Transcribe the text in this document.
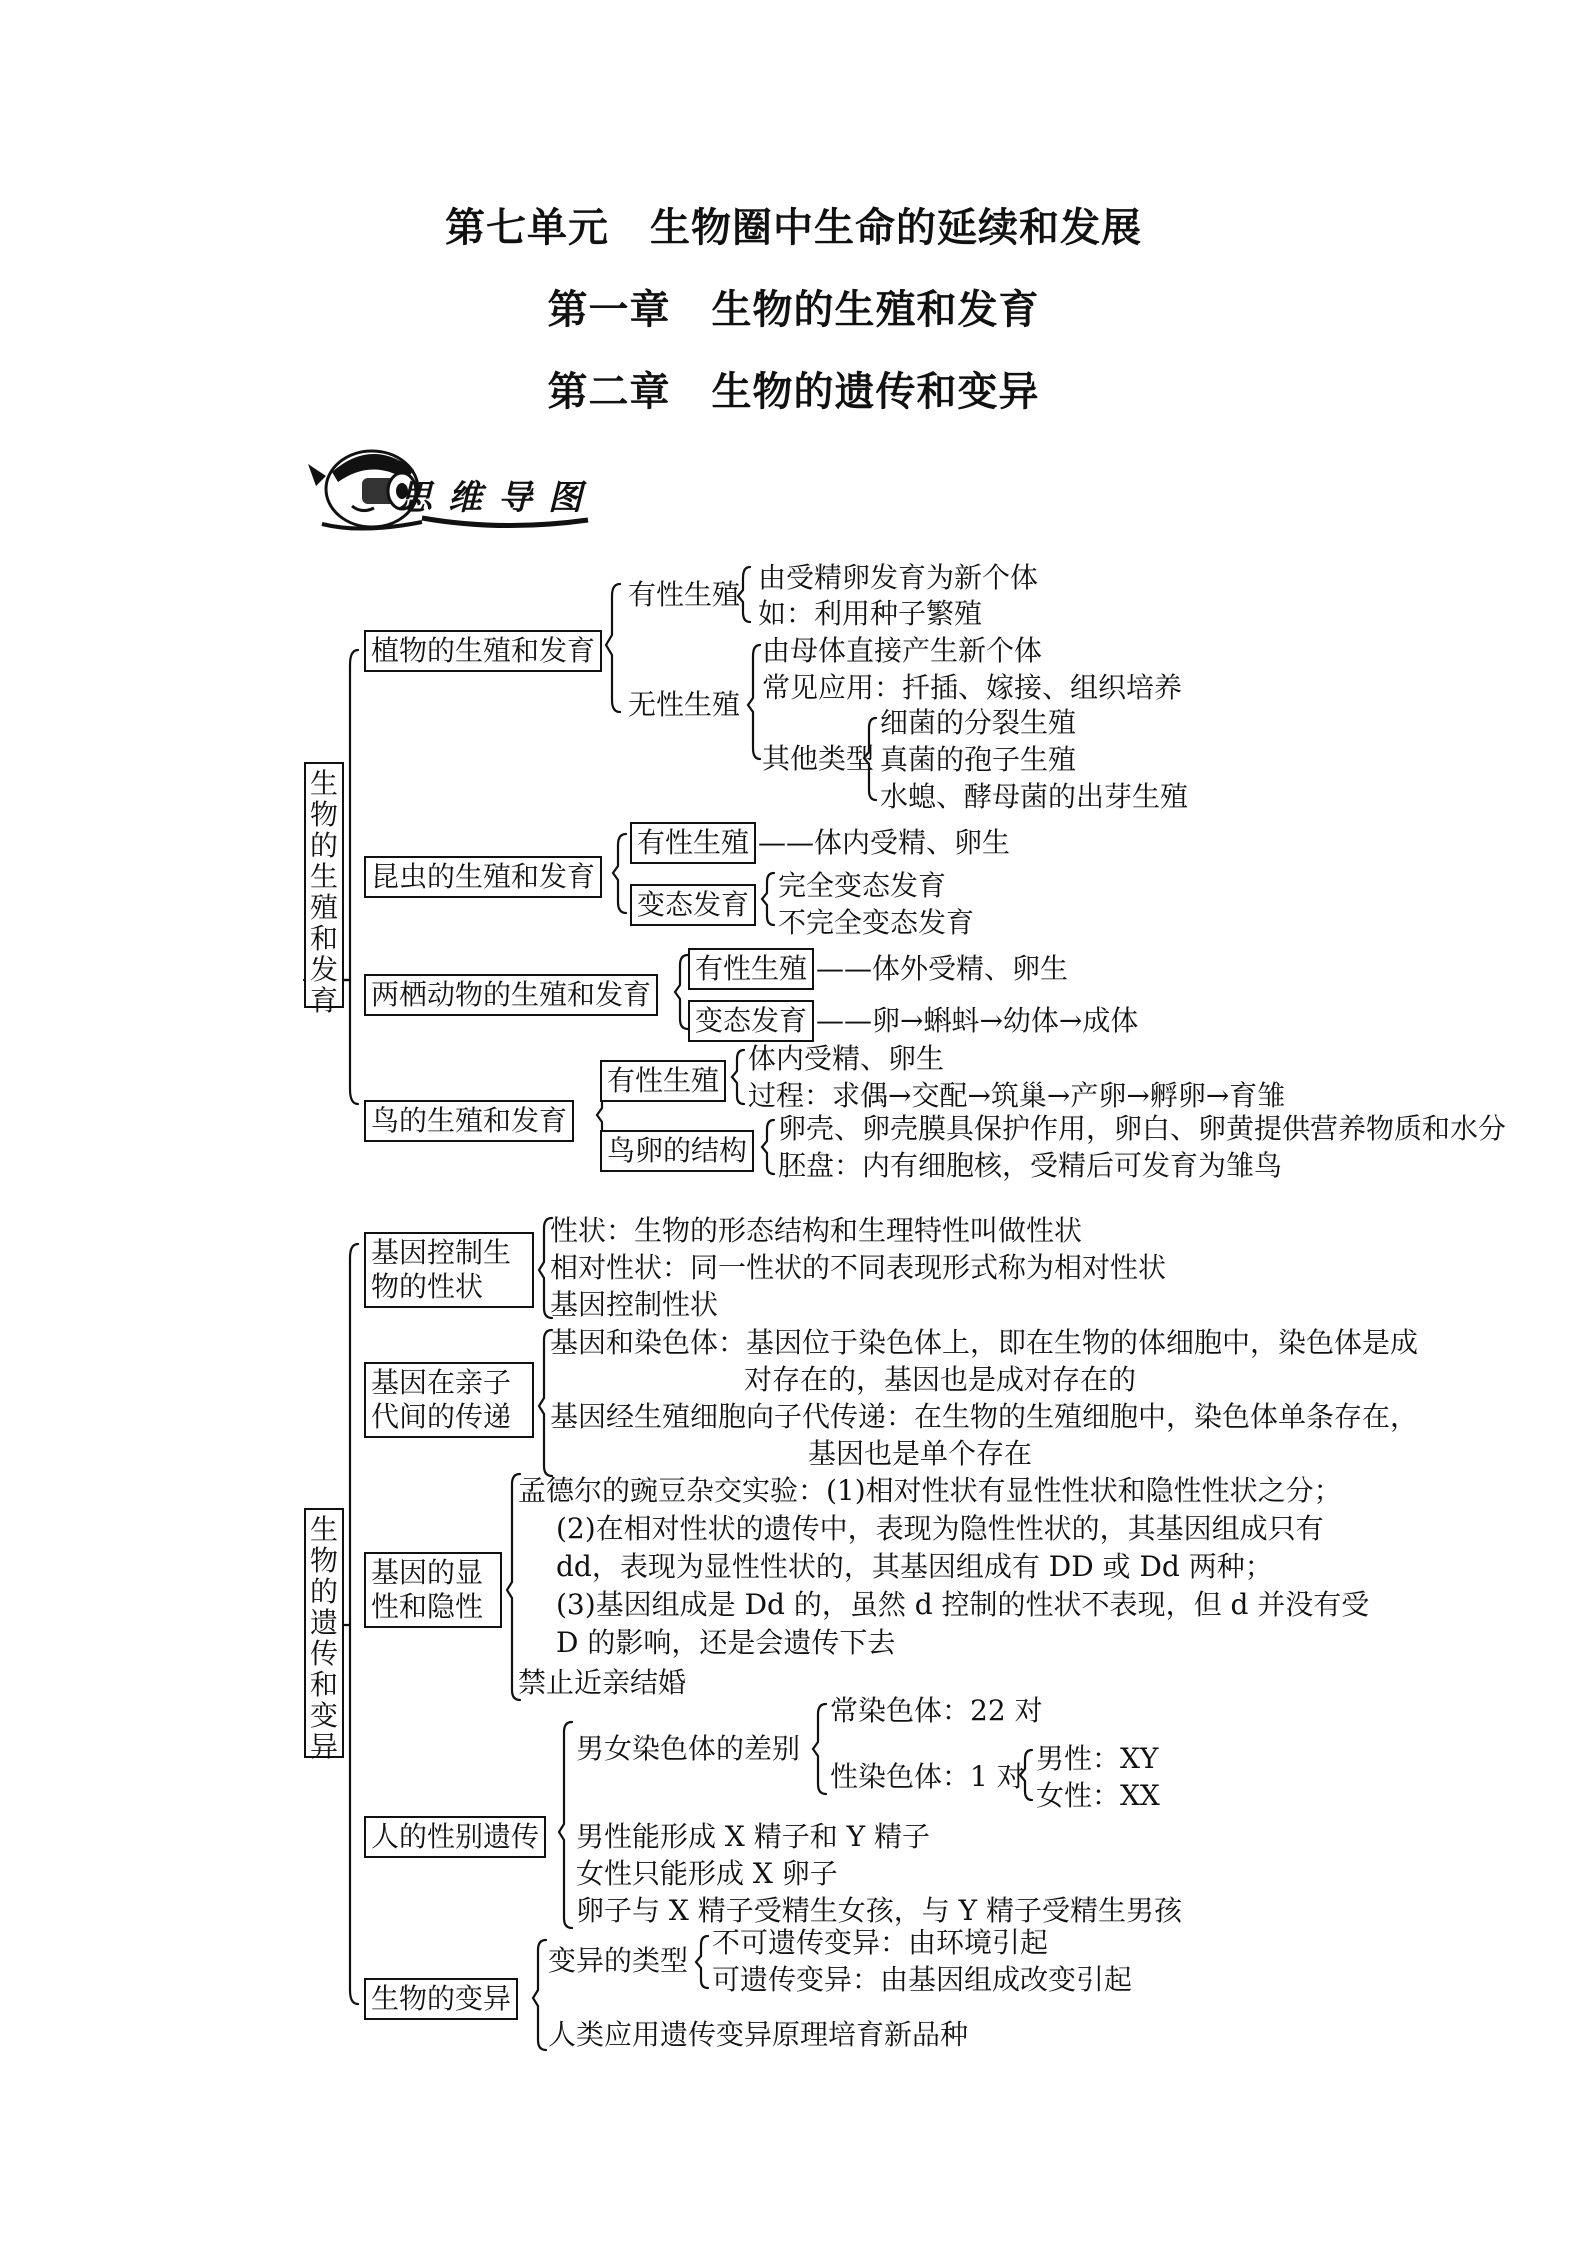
第七单元　生物圈中生命的延续和发展
第一章　生物的生殖和发育
第二章　生物的遗传和变异
思维导图
生
物
的
生
殖
和
发
育
植物的生殖和发育
有性生殖
由受精卵发育为新个体
如：利用种子繁殖
无性生殖
由母体直接产生新个体
常见应用：扦插、嫁接、组织培养
其他类型
细菌的分裂生殖
真菌的孢子生殖
水螅、酵母菌的出芽生殖
昆虫的生殖和发育
有性生殖 ——体内受精、卵生
变态发育
完全变态发育
不完全变态发育
两栖动物的生殖和发育
有性生殖 ——体外受精、卵生
变态发育 ——卵→蝌蚪→幼体→成体
鸟的生殖和发育
有性生殖
体内受精、卵生
过程：求偶→交配→筑巢→产卵→孵卵→育雏
鸟卵的结构
卵壳、卵壳膜具保护作用，卵白、卵黄提供营养物质和水分
胚盘：内有细胞核，受精后可发育为雏鸟
生
物
的
遗
传
和
变
异
基因控制生
物的性状
性状：生物的形态结构和生理特性叫做性状
相对性状：同一性状的不同表现形式称为相对性状
基因控制性状
基因在亲子
代间的传递
基因和染色体：基因位于染色体上，即在生物的体细胞中，染色体是成
对存在的，基因也是成对存在的
基因经生殖细胞向子代传递：在生物的生殖细胞中，染色体单条存在，
基因也是单个存在
基因的显
性和隐性
孟德尔的豌豆杂交实验：(1)相对性状有显性性状和隐性性状之分；
(2)在相对性状的遗传中，表现为隐性性状的，其基因组成只有
dd，表现为显性性状的，其基因组成有 DD 或 Dd 两种；
(3)基因组成是 Dd 的，虽然 d 控制的性状不表现，但 d 并没有受
D 的影响，还是会遗传下去
禁止近亲结婚
人的性别遗传
男女染色体的差别
常染色体：22 对
性染色体：1 对
男性：XY
女性：XX
男性能形成 X 精子和 Y 精子
女性只能形成 X 卵子
卵子与 X 精子受精生女孩，与 Y 精子受精生男孩
生物的变异
变异的类型
不可遗传变异：由环境引起
可遗传变异：由基因组成改变引起
人类应用遗传变异原理培育新品种
